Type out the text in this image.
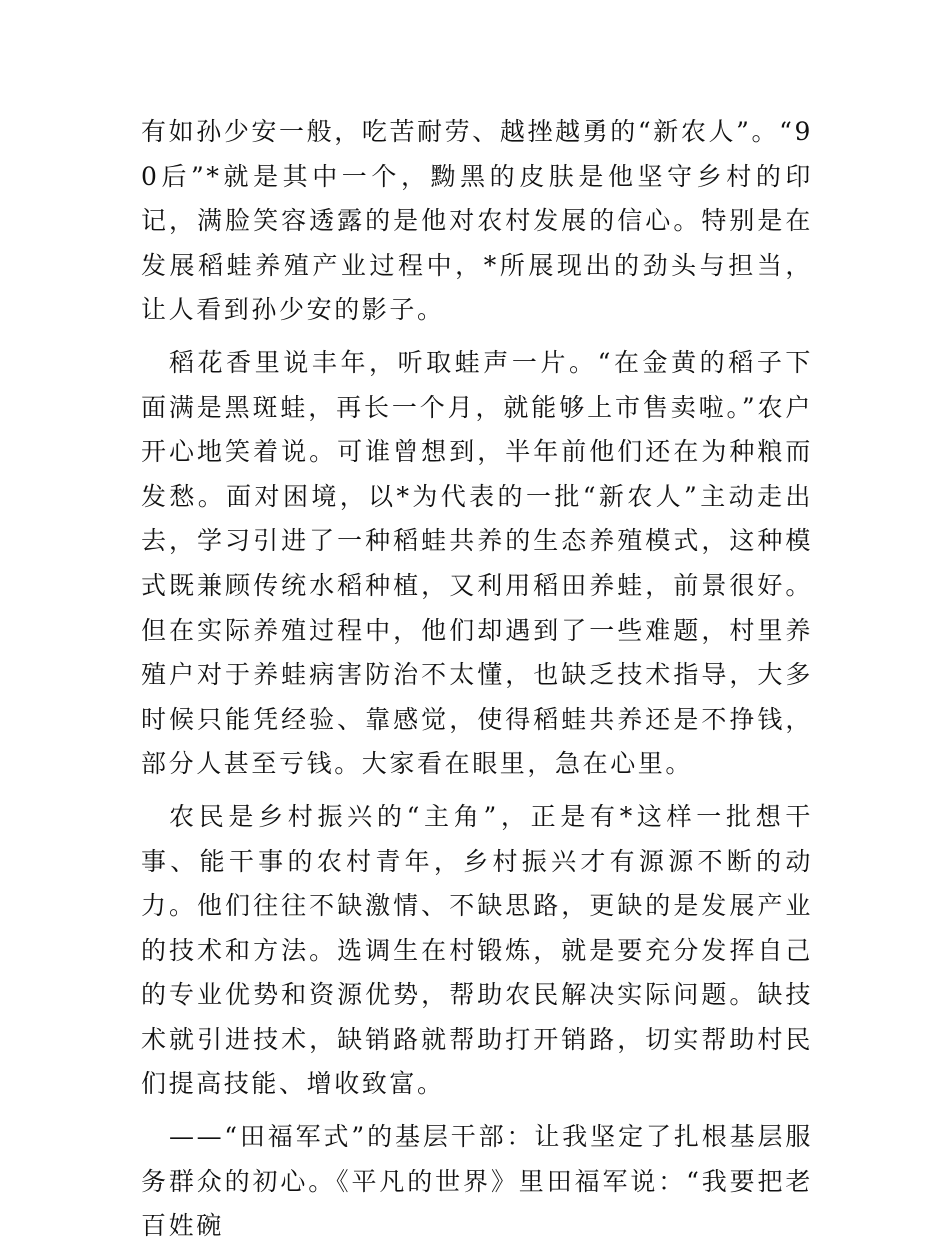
有如孙少安一般，吃苦耐劳、越挫越勇的“新农人”。“90后”*就是其中一个，黝黑的皮肤是他坚守乡村的印记，满脸笑容透露的是他对农村发展的信心。特别是在发展稻蛙养殖产业过程中，*所展现出的劲头与担当，让人看到孙少安的影子。

稻花香里说丰年，听取蛙声一片。“在金黄的稻子下面满是黑斑蛙，再长一个月，就能够上市售卖啦。”农户开心地笑着说。可谁曾想到，半年前他们还在为种粮而发愁。面对困境，以*为代表的一批“新农人”主动走出去，学习引进了一种稻蛙共养的生态养殖模式，这种模式既兼顾传统水稻种植，又利用稻田养蛙，前景很好。但在实际养殖过程中，他们却遇到了一些难题，村里养殖户对于养蛙病害防治不太懂，也缺乏技术指导，大多时候只能凭经验、靠感觉，使得稻蛙共养还是不挣钱，部分人甚至亏钱。大家看在眼里，急在心里。

农民是乡村振兴的“主角”，正是有*这样一批想干事、能干事的农村青年，乡村振兴才有源源不断的动力。他们往往不缺激情、不缺思路，更缺的是发展产业的技术和方法。选调生在村锻炼，就是要充分发挥自己的专业优势和资源优势，帮助农民解决实际问题。缺技术就引进技术，缺销路就帮助打开销路，切实帮助村民们提高技能、增收致富。

——“田福军式”的基层干部：让我坚定了扎根基层服务群众的初心。《平凡的世界》里田福军说：“我要把老百姓碗
